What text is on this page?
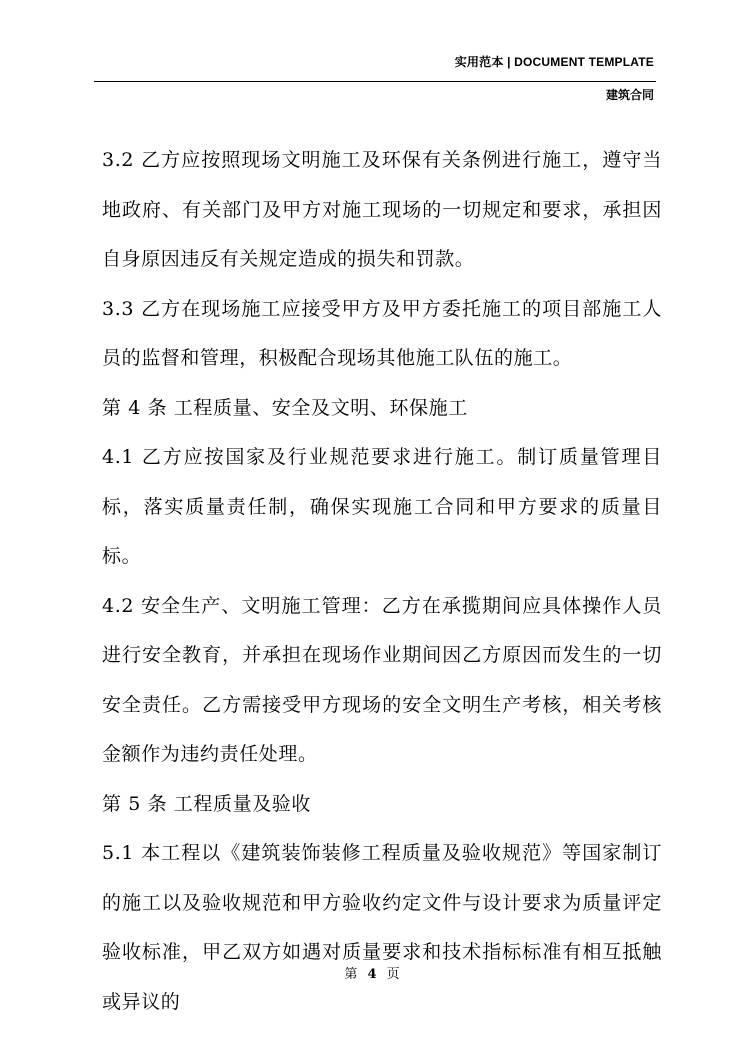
实用范本 | DOCUMENT TEMPLATE
建筑合同

3.2 乙方应按照现场文明施工及环保有关条例进行施工，遵守当地政府、有关部门及甲方对施工现场的一切规定和要求，承担因自身原因违反有关规定造成的损失和罚款。

3.3 乙方在现场施工应接受甲方及甲方委托施工的项目部施工人员的监督和管理，积极配合现场其他施工队伍的施工。

第 4 条 工程质量、安全及文明、环保施工

4.1 乙方应按国家及行业规范要求进行施工。制订质量管理目标，落实质量责任制，确保实现施工合同和甲方要求的质量目标。

4.2 安全生产、文明施工管理：乙方在承揽期间应具体操作人员进行安全教育，并承担在现场作业期间因乙方原因而发生的一切安全责任。乙方需接受甲方现场的安全文明生产考核，相关考核金额作为违约责任处理。

第 5 条 工程质量及验收

5.1 本工程以《建筑装饰装修工程质量及验收规范》等国家制订的施工以及验收规范和甲方验收约定文件与设计要求为质量评定验收标准，甲乙双方如遇对质量要求和技术指标标准有相互抵触或异议的

第 4 页
